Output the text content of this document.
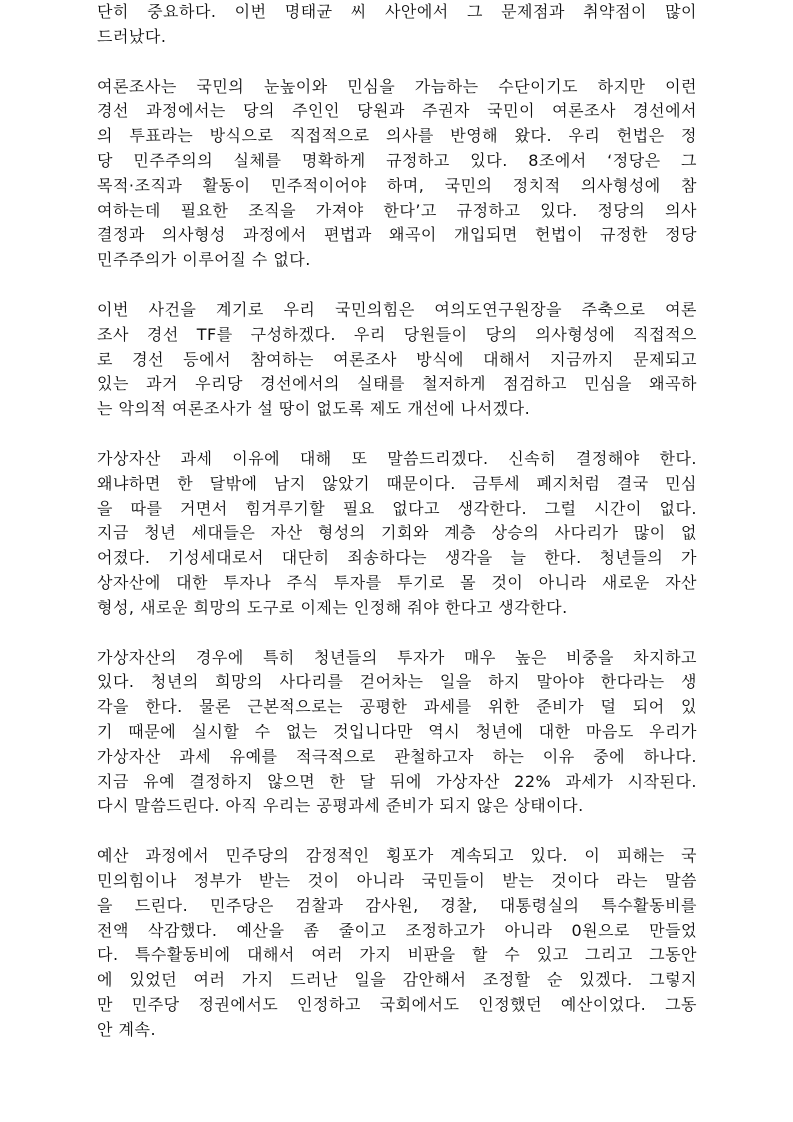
단히 중요하다. 이번 명태균 씨 사안에서 그 문제점과 취약점이 많이
드러났다.
여론조사는 국민의 눈높이와 민심을 가늠하는 수단이기도 하지만 이런
경선 과정에서는 당의 주인인 당원과 주권자 국민이 여론조사 경선에서
의 투표라는 방식으로 직접적으로 의사를 반영해 왔다. 우리 헌법은 정
당 민주주의의 실체를 명확하게 규정하고 있다. 8조에서 ‘정당은 그
목적·조직과 활동이 민주적이어야 하며, 국민의 정치적 의사형성에 참
여하는데 필요한 조직을 가져야 한다’고 규정하고 있다. 정당의 의사
결정과 의사형성 과정에서 편법과 왜곡이 개입되면 헌법이 규정한 정당
민주주의가 이루어질 수 없다.
이번 사건을 계기로 우리 국민의힘은 여의도연구원장을 주축으로 여론
조사 경선 TF를 구성하겠다. 우리 당원들이 당의 의사형성에 직접적으
로 경선 등에서 참여하는 여론조사 방식에 대해서 지금까지 문제되고
있는 과거 우리당 경선에서의 실태를 철저하게 점검하고 민심을 왜곡하
는 악의적 여론조사가 설 땅이 없도록 제도 개선에 나서겠다.
가상자산 과세 이유에 대해 또 말씀드리겠다. 신속히 결정해야 한다.
왜냐하면 한 달밖에 남지 않았기 때문이다. 금투세 폐지처럼 결국 민심
을 따를 거면서 힘겨루기할 필요 없다고 생각한다. 그럴 시간이 없다.
지금 청년 세대들은 자산 형성의 기회와 계층 상승의 사다리가 많이 없
어졌다. 기성세대로서 대단히 죄송하다는 생각을 늘 한다. 청년들의 가
상자산에 대한 투자나 주식 투자를 투기로 몰 것이 아니라 새로운 자산
형성, 새로운 희망의 도구로 이제는 인정해 줘야 한다고 생각한다.
가상자산의 경우에 특히 청년들의 투자가 매우 높은 비중을 차지하고
있다. 청년의 희망의 사다리를 걷어차는 일을 하지 말아야 한다라는 생
각을 한다. 물론 근본적으로는 공평한 과세를 위한 준비가 덜 되어 있
기 때문에 실시할 수 없는 것입니다만 역시 청년에 대한 마음도 우리가
가상자산 과세 유예를 적극적으로 관철하고자 하는 이유 중에 하나다.
지금 유예 결정하지 않으면 한 달 뒤에 가상자산 22% 과세가 시작된다.
다시 말씀드린다. 아직 우리는 공평과세 준비가 되지 않은 상태이다.
예산 과정에서 민주당의 감정적인 횡포가 계속되고 있다. 이 피해는 국
민의힘이나 정부가 받는 것이 아니라 국민들이 받는 것이다 라는 말씀
을 드린다. 민주당은 검찰과 감사원, 경찰, 대통령실의 특수활동비를
전액 삭감했다. 예산을 좀 줄이고 조정하고가 아니라 0원으로 만들었
다. 특수활동비에 대해서 여러 가지 비판을 할 수 있고 그리고 그동안
에 있었던 여러 가지 드러난 일을 감안해서 조정할 순 있겠다. 그렇지
만 민주당 정권에서도 인정하고 국회에서도 인정했던 예산이었다. 그동
안 계속.
